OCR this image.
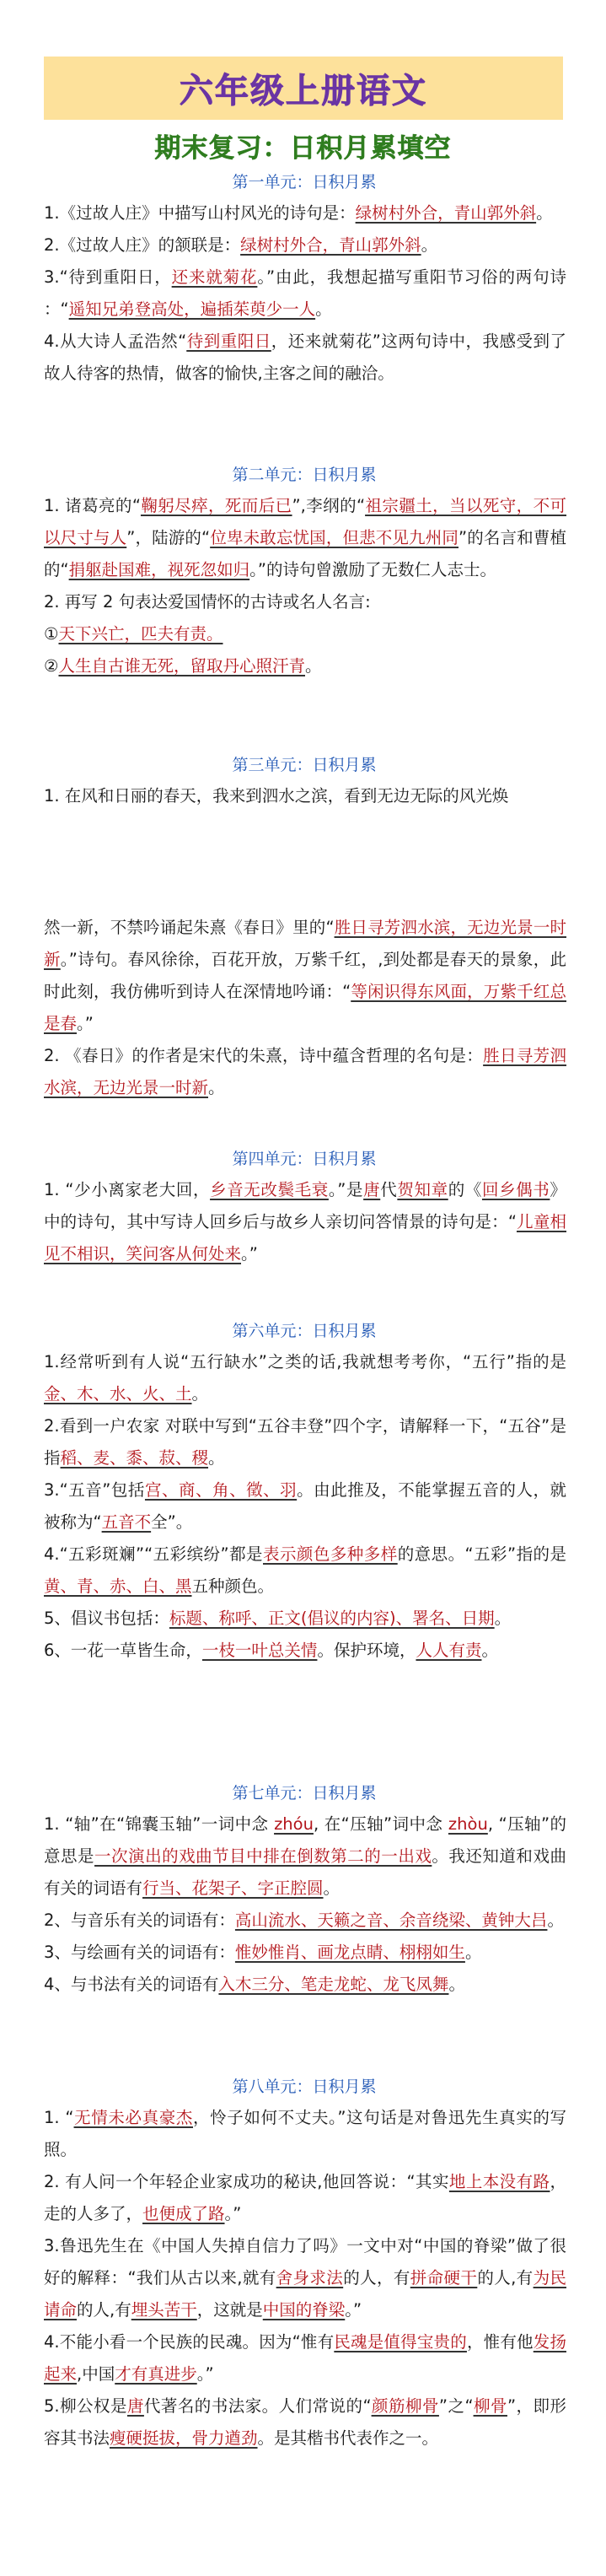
六年级上册语文
期末复习：日积月累填空
第一单元：日积月累

1.《过故人庄》中描写山村风光的诗句是：绿树村外合，青山郭外斜。

2.《过故人庄》的颔联是：绿树村外合，青山郭外斜。

3.“待到重阳日，还来就菊花。”由此，我想起描写重阳节习俗的两句诗 ：“遥知兄弟登高处，遍插茱萸少一人。

4.从大诗人孟浩然“待到重阳日，还来就菊花”这两句诗中，我感受到了故人待客的热情，做客的愉快,主客之间的融洽。

第二单元：日积月累

1. 诸葛亮的“鞠躬尽瘁，死而后已”,李纲的“祖宗疆土，当以死守，不可以尺寸与人”，陆游的“位卑未敢忘忧国，但悲不见九州同”的名言和曹植的“捐躯赴国难，视死忽如归。”的诗句曾激励了无数仁人志士。

2. 再写 2 句表达爱国情怀的古诗或名人名言:

①天下兴亡，匹夫有责。

②人生自古谁无死，留取丹心照汗青。

第三单元：日积月累

1. 在风和日丽的春天，我来到泗水之滨，看到无边无际的风光焕

然一新，不禁吟诵起朱熹《春日》里的“胜日寻芳泗水滨，无边光景一时新。”诗句。春风徐徐，百花开放，万紫千红，,到处都是春天的景象，此时此刻，我仿佛听到诗人在深情地吟诵：“等闲识得东风面，万紫千红总是春。”

2. 《春日》的作者是宋代的朱熹，诗中蕴含哲理的名句是：胜日寻芳泗水滨，无边光景一时新。

第四单元：日积月累

1. “少小离家老大回，乡音无改鬓毛衰。”是唐代贺知章的《回乡偶书》中的诗句，其中写诗人回乡后与故乡人亲切问答情景的诗句是：“儿童相见不相识，笑问客从何处来。”

第六单元：日积月累

1.经常听到有人说“五行缺水”之类的话,我就想考考你，“五行”指的是金、木、水、火、土。

2.看到一户农家 对联中写到“五谷丰登”四个字，请解释一下，“五谷”是指稻、麦、黍、菽、稷。

3.“五音”包括宫、商、角、徵、羽。由此推及，不能掌握五音的人，就被称为“五音不全”。

4.“五彩斑斓”“五彩缤纷”都是表示颜色多种多样的意思。“五彩”指的是黄、青、赤、白、黑五种颜色。

5、倡议书包括：标题、称呼、正文(倡议的内容)、署名、日期。

6、一花一草皆生命，一枝一叶总关情。保护环境，人人有责。

第七单元：日积月累

1. “轴”在“锦囊玉轴”一词中念 zhóu, 在“压轴”词中念 zhòu, “压轴”的意思是一次演出的戏曲节目中排在倒数第二的一出戏。我还知道和戏曲有关的词语有行当、花架子、字正腔圆。

2、与音乐有关的词语有：高山流水、天籁之音、余音绕梁、黄钟大吕。

3、与绘画有关的词语有：惟妙惟肖、画龙点睛、栩栩如生。

4、与书法有关的词语有入木三分、笔走龙蛇、龙飞凤舞。

第八单元：日积月累

1. “无情未必真豪杰，怜子如何不丈夫。”这句话是对鲁迅先生真实的写照。

2. 有人问一个年轻企业家成功的秘诀,他回答说：“其实地上本没有路，走的人多了，也便成了路。”

3.鲁迅先生在《中国人失掉自信力了吗》一文中对“中国的脊梁”做了很好的解释：“我们从古以来,就有舍身求法的人，有拼命硬干的人,有为民请命的人,有埋头苦干，这就是中国的脊梁。”

4.不能小看一个民族的民魂。因为“惟有民魂是值得宝贵的，惟有他发扬起来,中国才有真进步。”

5.柳公权是唐代著名的书法家。人们常说的“颜筋柳骨”之“柳骨”，即形容其书法瘦硬挺拔，骨力遒劲。是其楷书代表作之一。
